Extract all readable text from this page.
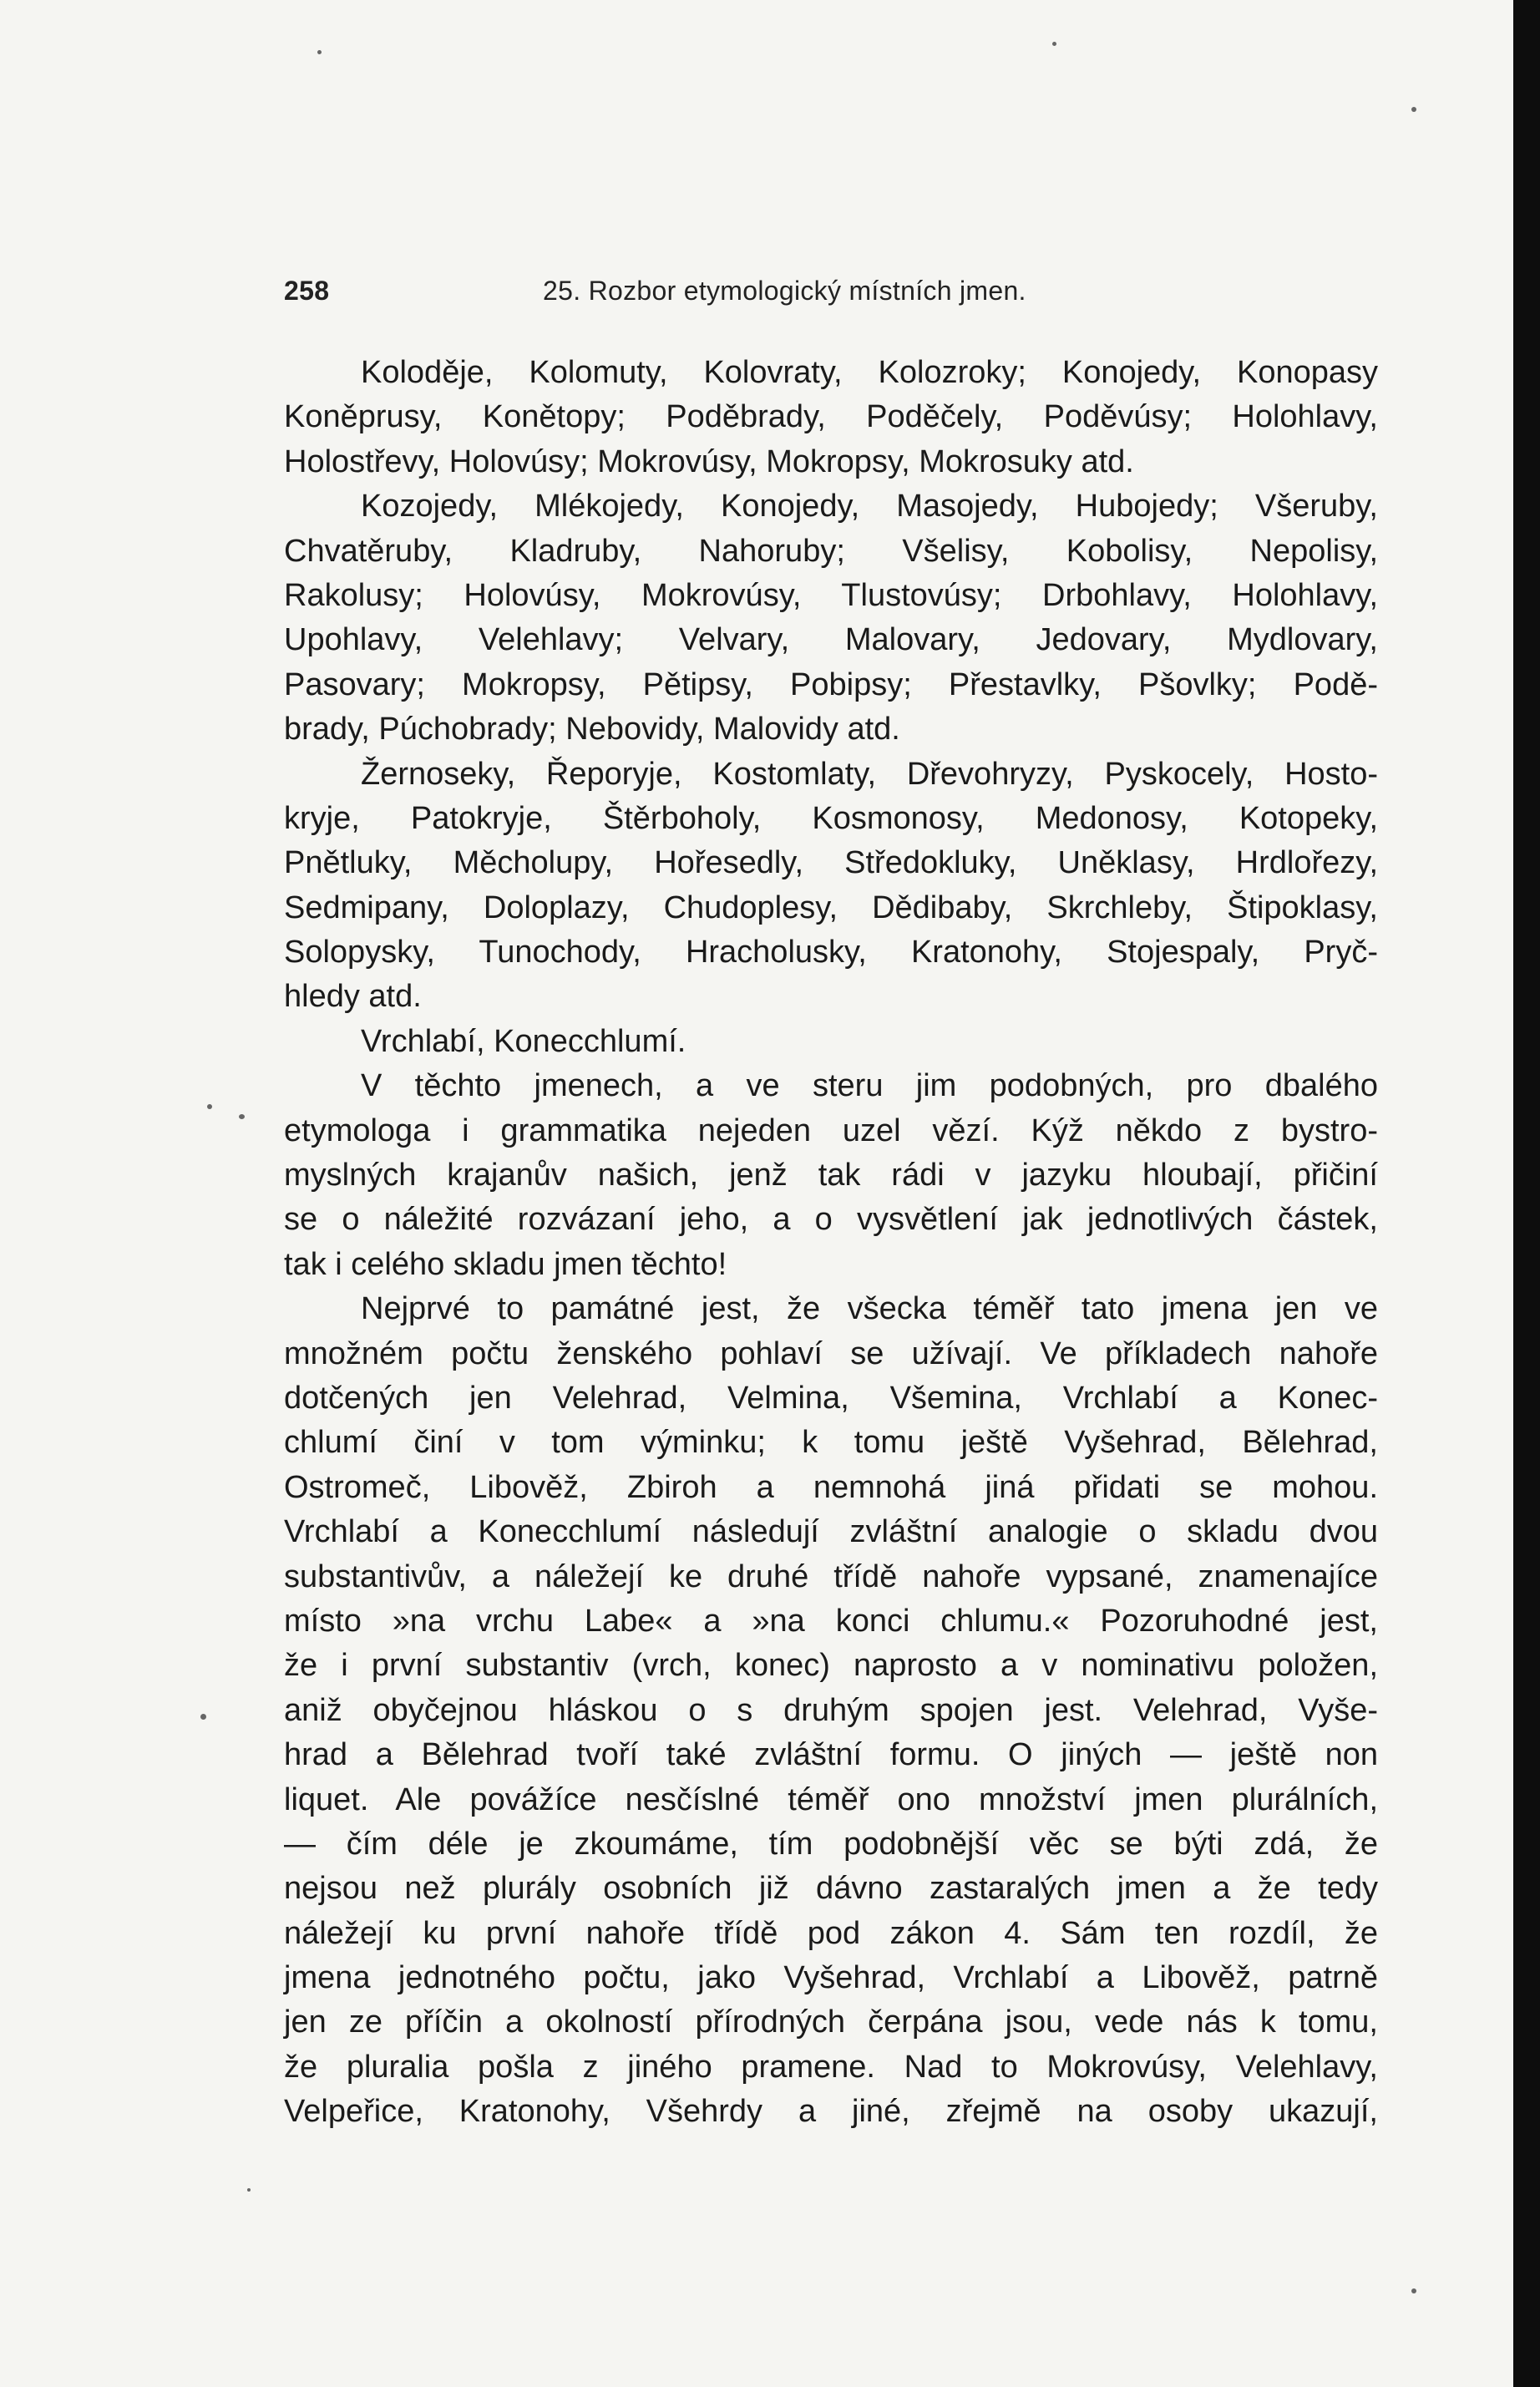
258	25. Rozbor etymologický místních jmen.
Koloděje, Kolomuty, Kolovraty, Kolozroky; Konojedy, Konopasy
Koněprusy, Konětopy; Poděbrady, Poděčely, Poděvúsy; Holohlavy,
Holostřevy, Holovúsy; Mokrovúsy, Mokropsy, Mokrosuky atd.
Kozojedy, Mlékojedy, Konojedy, Masojedy, Hubojedy; Všeruby,
Chvatěruby, Kladruby, Nahoruby; Všelisy, Kobolisy, Nepolisy,
Rakolusy; Holovúsy, Mokrovúsy, Tlustovúsy; Drbohlavy, Holohlavy,
Upohlavy, Velehlavy; Velvary, Malovary, Jedovary, Mydlovary,
Pasovary; Mokropsy, Pětipsy, Pobipsy; Přestavlky, Pšovlky; Podě-
brady, Púchobrady; Nebovidy, Malovidy atd.
Žernoseky, Řeporyje, Kostomlaty, Dřevohryzy, Pyskocely, Hosto-
kryje, Patokryje, Štěrboholy, Kosmonosy, Medonosy, Kotopeky,
Pnětluky, Měcholupy, Hořesedly, Středokluky, Uněklasy, Hrdlořezy,
Sedmipany, Doloplazy, Chudoplesy, Dědibaby, Skrchleby, Štipoklasy,
Solopysky, Tunochody, Hracholusky, Kratonohy, Stojespaly, Pryč-
hledy atd.
Vrchlabí, Konecchlumí.
V těchto jmenech, a ve steru jim podobných, pro dbalého
etymologa i grammatika nejeden uzel vězí. Kýž někdo z bystro-
myslných krajanův našich, jenž tak rádi v jazyku hloubají, přičiní
se o náležité rozvázaní jeho, a o vysvětlení jak jednotlivých částek,
tak i celého skladu jmen těchto!
Nejprvé to památné jest, že všecka téměř tato jmena jen ve
množném počtu ženského pohlaví se užívají. Ve příkladech nahoře
dotčených jen Velehrad, Velmina, Všemina, Vrchlabí a Konec-
chlumí činí v tom výminku; k tomu ještě Vyšehrad, Bělehrad,
Ostromeč, Libověž, Zbiroh a nemnohá jiná přidati se mohou.
Vrchlabí a Konecchlumí následují zvláštní analogie o skladu dvou
substantivův, a náležejí ke druhé třídě nahoře vypsané, znamenajíce
místo »na vrchu Labe« a »na konci chlumu.« Pozoruhodné jest,
že i první substantiv (vrch, konec) naprosto a v nominativu položen,
aniž obyčejnou hláskou o s druhým spojen jest. Velehrad, Vyše-
hrad a Bělehrad tvoří také zvláštní formu. O jiných — ještě non
liquet. Ale povážíce nesčíslné téměř ono množství jmen plurálních,
— čím déle je zkoumáme, tím podobnější věc se býti zdá, že
nejsou než plurály osobních již dávno zastaralých jmen a že tedy
náležejí ku první nahoře třídě pod zákon 4. Sám ten rozdíl, že
jmena jednotného počtu, jako Vyšehrad, Vrchlabí a Libověž, patrně
jen ze příčin a okolností přírodných čerpána jsou, vede nás k tomu,
že pluralia pošla z jiného pramene. Nad to Mokrovúsy, Velehlavy,
Velpeřice, Kratonohy, Všehrdy a jiné, zřejmě na osoby ukazují,
